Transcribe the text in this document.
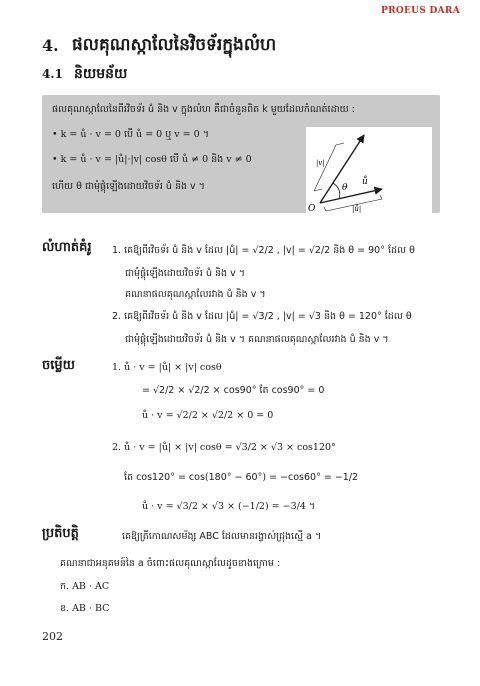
PROEUS DARA
4. ផលគុណស្កាលែនៃវិចទ័រក្នុងលំហ
4.1 និយមន័យ
ផលគុណស្កាលែនៃពីរវិចទ័រ ů និង v ក្នុងលំហ គឺជាចំនួនពិត k មួយដែលកំណត់ដោយ :
• k = ů · v = 0 បើ ů = 0 ឬ v = 0 ។
• k = ů · v = |ů|·|v| cosθ បើ ů ≠ 0 និង v ≠ 0
ហើយ θ ជាមុំផ្ដុំឡើងដោយវិចទ័រ ů និង v ។	θ
O
ů
|v|
|ů|
លំហាត់គំរូ 1. គេឱ្យពីរវិចទ័រ ů និង v ដែល |ů| = √2/2 , |v| = √2/2 និង θ = 90° ដែល θ
ជាមុំផ្ដុំឡើងដោយវិចទ័រ ů និង v ។
គណនាផលគុណស្កាលែរវាង ů និង v ។
2. គេឱ្យពីរវិចទ័រ ů និង v ដែល |ů| = √3/2 , |v| = √3 និង θ = 120° ដែល θ
ជាមុំផ្ដុំឡើងដោយវិចទ័រ ů និង v ។ គណនាផលគុណស្កាលែរវាង ů និង v ។
ចម្លើយ	1. ů · v = |ů| × |v| cosθ
= √2/2 × √2/2 × cos90° តែ cos90° = 0
ů · v = √2/2 × √2/2 × 0 = 0
2. ů · v = |ů| × |v| cosθ = √3/2 × √3 × cos120°
តែ cos120° = cos(180° − 60°) = −cos60° = −1/2
ů · v = √3/2 × √3 × (−1/2) = −3/4 ។
ប្រតិបត្តិ	គេឱ្យត្រីកោណសម័ង្ស ABC ដែលមានរង្វាស់ជ្រុងស្មើ a ។
គណនាជាអនុគមន៍នៃ a ចំពោះផលគុណស្កាលែដូចខាងក្រោម :
ក. AB · AC
ខ. AB · BC
202
